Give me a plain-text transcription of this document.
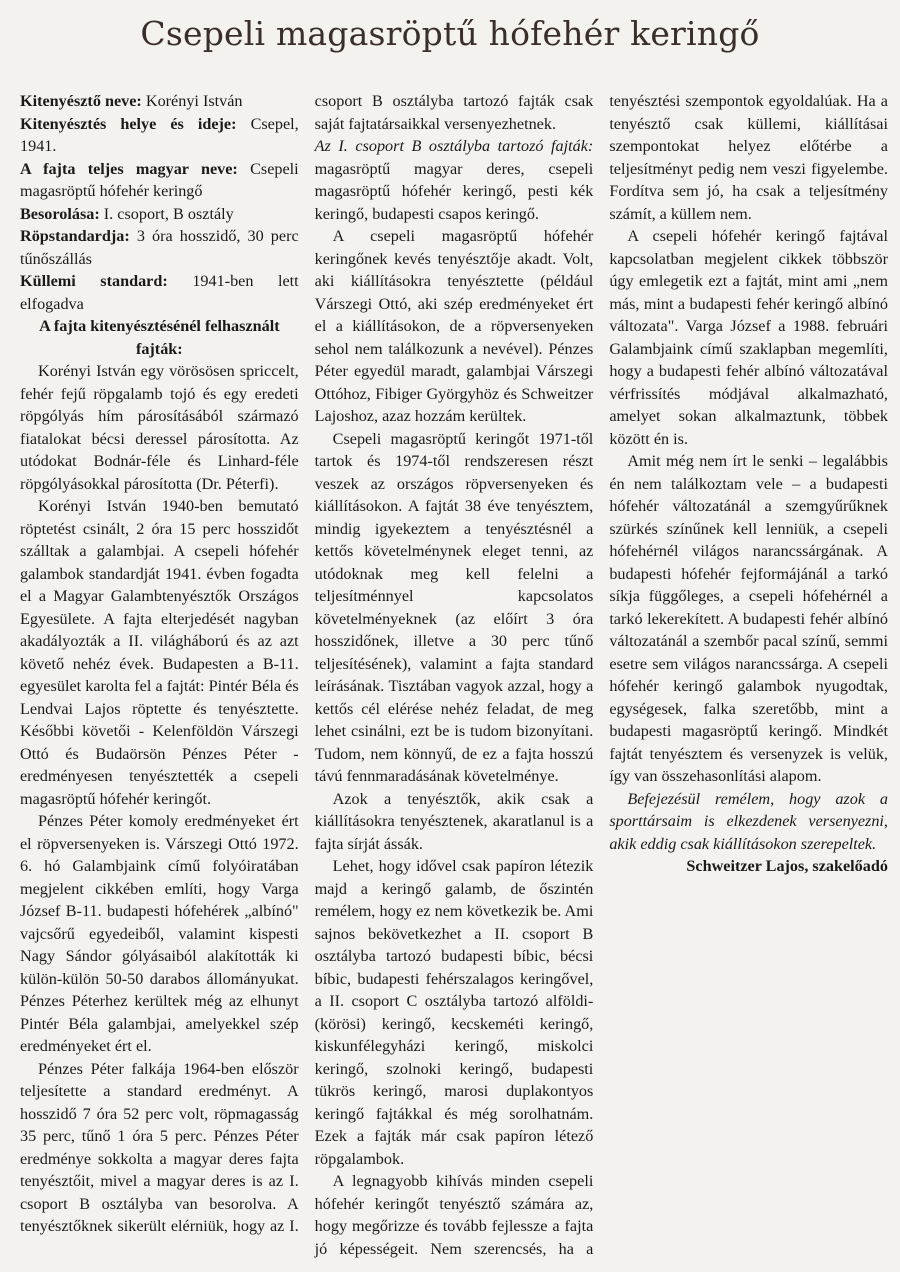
Csepeli magasröptű hófehér keringő

Kitenyésztő neve: Korényi István

Kitenyésztés helye és ideje: Csepel, 1941.

A fajta teljes magyar neve: Csepeli magasröptű hófehér keringő

Besorolása: I. csoport, B osztály

Röpstandardja: 3 óra hosszidő, 30 perc tűnőszállás

Küllemi standard: 1941-ben lett elfogadva

A fajta kitenyésztésénél felhasznált fajták:

Korényi István egy vörösösen spriccelt, fehér fejű röpgalamb tojó és egy eredeti röpgólyás hím párosításából származó fiatalokat bécsi deressel párosította. Az utódokat Bodnár-féle és Linhard-féle röpgólyásokkal párosította (Dr. Péterfi).

Korényi István 1940-ben bemutató röptetést csinált, 2 óra 15 perc hosszidőt szálltak a galambjai. A csepeli hófehér galambok standardját 1941. évben fogadta el a Magyar Galambtenyésztők Országos Egyesülete. A fajta elterjedését nagyban akadályozták a II. világháború és az azt követő nehéz évek. Budapesten a B-11. egyesület karolta fel a fajtát: Pintér Béla és Lendvai Lajos röptette és tenyésztette. Későbbi követői - Kelenföldön Várszegi Ottó és Budaörsön Pénzes Péter - eredményesen tenyésztették a csepeli magasröptű hófehér keringőt.

Pénzes Péter komoly eredményeket ért el röpversenyeken is. Várszegi Ottó 1972. 6. hó Galambjaink című folyóiratában megjelent cikkében említi, hogy Varga József B-11. budapesti hófehérek „albínó" vajcsőrű egyedeiből, valamint kispesti Nagy Sándor gólyásaiból alakították ki külön-külön 50-50 darabos állományukat. Pénzes Péterhez kerültek még az elhunyt Pintér Béla galambjai, amelyekkel szép eredményeket ért el.

Pénzes Péter falkája 1964-ben először teljesítette a standard eredményt. A hosszidő 7 óra 52 perc volt, röpmagasság 35 perc, tűnő 1 óra 5 perc. Pénzes Péter eredménye sokkolta a magyar deres fajta tenyésztőit, mivel a magyar deres is az I. csoport B osztályba van besorolva. A tenyésztőknek sikerült elérniük, hogy az I. csoport B osztályba tartozó fajták csak saját fajtatársaikkal versenyezhetnek.

Az I. csoport B osztályba tartozó fajták: magasröptű magyar deres, csepeli magasröptű hófehér keringő, pesti kék keringő, budapesti csapos keringő.

A csepeli magasröptű hófehér keringőnek kevés tenyésztője akadt. Volt, aki kiállításokra tenyésztette (például Várszegi Ottó, aki szép eredményeket ért el a kiállításokon, de a röpversenyeken sehol nem találkozunk a nevével). Pénzes Péter egyedül maradt, galambjai Várszegi Ottóhoz, Fibiger Györgyhöz és Schweitzer Lajoshoz, azaz hozzám kerültek.

Csepeli magasröptű keringőt 1971-től tartok és 1974-től rendszeresen részt veszek az országos röpversenyeken és kiállításokon. A fajtát 38 éve tenyésztem, mindig igyekeztem a tenyésztésnél a kettős követelménynek eleget tenni, az utódoknak meg kell felelni a teljesítménnyel kapcsolatos követelményeknek (az előírt 3 óra hosszidőnek, illetve a 30 perc tűnő teljesítésének), valamint a fajta standard leírásának. Tisztában vagyok azzal, hogy a kettős cél elérése nehéz feladat, de meg lehet csinálni, ezt be is tudom bizonyítani. Tudom, nem könnyű, de ez a fajta hosszú távú fennmaradásának követelménye.

Azok a tenyésztők, akik csak a kiállításokra tenyésztenek, akaratlanul is a fajta sírját ássák.

Lehet, hogy idővel csak papíron létezik majd a keringő galamb, de őszintén remélem, hogy ez nem következik be. Ami sajnos bekövetkezhet a II. csoport B osztályba tartozó budapesti bíbic, bécsi bíbic, budapesti fehérszalagos keringővel, a II. csoport C osztályba tartozó alföldi-(körösi) keringő, kecskeméti keringő, kiskunfélegyházi keringő, miskolci keringő, szolnoki keringő, budapesti tükrös keringő, marosi duplakontyos keringő fajtákkal és még sorolhatnám. Ezek a fajták már csak papíron létező röpgalambok.

A legnagyobb kihívás minden csepeli hófehér keringőt tenyésztő számára az, hogy megőrizze és tovább fejlessze a fajta jó képességeit. Nem szerencsés, ha a tenyésztési szempontok egyoldalúak. Ha a tenyésztő csak küllemi, kiállításai szempontokat helyez előtérbe a teljesítményt pedig nem veszi figyelembe. Fordítva sem jó, ha csak a teljesítmény számít, a küllem nem.

A csepeli hófehér keringő fajtával kapcsolatban megjelent cikkek többször úgy emlegetik ezt a fajtát, mint ami „nem más, mint a budapesti fehér keringő albínó változata". Varga József a 1988. februári Galambjaink című szaklapban megemlíti, hogy a budapesti fehér albínó változatával vérfrissítés módjával alkalmazható, amelyet sokan alkalmaztunk, többek között én is.

Amit még nem írt le senki – legalábbis én nem találkoztam vele – a budapesti hófehér változatánál a szemgyűrűknek szürkés színűnek kell lenniük, a csepeli hófehérnél világos narancssárgának. A budapesti hófehér fejformájánál a tarkó síkja függőleges, a csepeli hófehérnél a tarkó lekerekített. A budapesti fehér albínó változatánál a szembőr pacal színű, semmi esetre sem világos narancssárga. A csepeli hófehér keringő galambok nyugodtak, egységesek, falka szeretőbb, mint a budapesti magasröptű keringő. Mindkét fajtát tenyésztem és versenyzek is velük, így van összehasonlítási alapom.

Befejezésül remélem, hogy azok a sporttársaim is elkezdenek versenyezni, akik eddig csak kiállításokon szerepeltek.

Schweitzer Lajos, szakelőadó
